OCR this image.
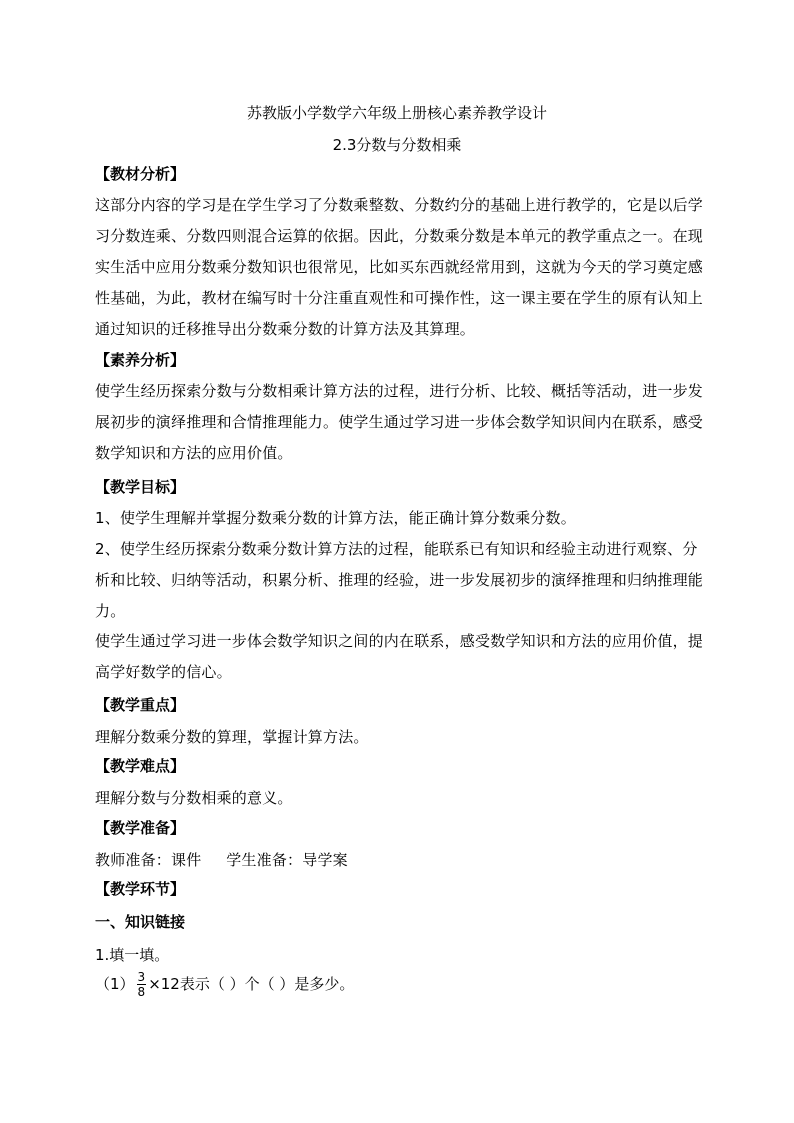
苏教版小学数学六年级上册核心素养教学设计
2.3分数与分数相乘
【教材分析】
这部分内容的学习是在学生学习了分数乘整数、分数约分的基础上进行教学的，它是以后学习分数连乘、分数四则混合运算的依据。因此，分数乘分数是本单元的教学重点之一。在现实生活中应用分数乘分数知识也很常见，比如买东西就经常用到，这就为今天的学习奠定感性基础，为此，教材在编写时十分注重直观性和可操作性，这一课主要在学生的原有认知上通过知识的迁移推导出分数乘分数的计算方法及其算理。
【素养分析】
使学生经历探索分数与分数相乘计算方法的过程，进行分析、比较、概括等活动，进一步发展初步的演绎推理和合情推理能力。使学生通过学习进一步体会数学知识间内在联系，感受数学知识和方法的应用价值。
【教学目标】
1、使学生理解并掌握分数乘分数的计算方法，能正确计算分数乘分数。
2、使学生经历探索分数乘分数计算方法的过程，能联系已有知识和经验主动进行观察、分析和比较、归纳等活动，积累分析、推理的经验，进一步发展初步的演绎推理和归纳推理能力。
使学生通过学习进一步体会数学知识之间的内在联系，感受数学知识和方法的应用价值，提高学好数学的信心。
【教学重点】
理解分数乘分数的算理，掌握计算方法。
【教学难点】
理解分数与分数相乘的意义。
【教学准备】
教师准备：课件     学生准备：导学案
【教学环节】
一、知识链接
1.填一填。
$(1) \frac{3}{8} \times 12$表示（ ）个（ ）是多少。
